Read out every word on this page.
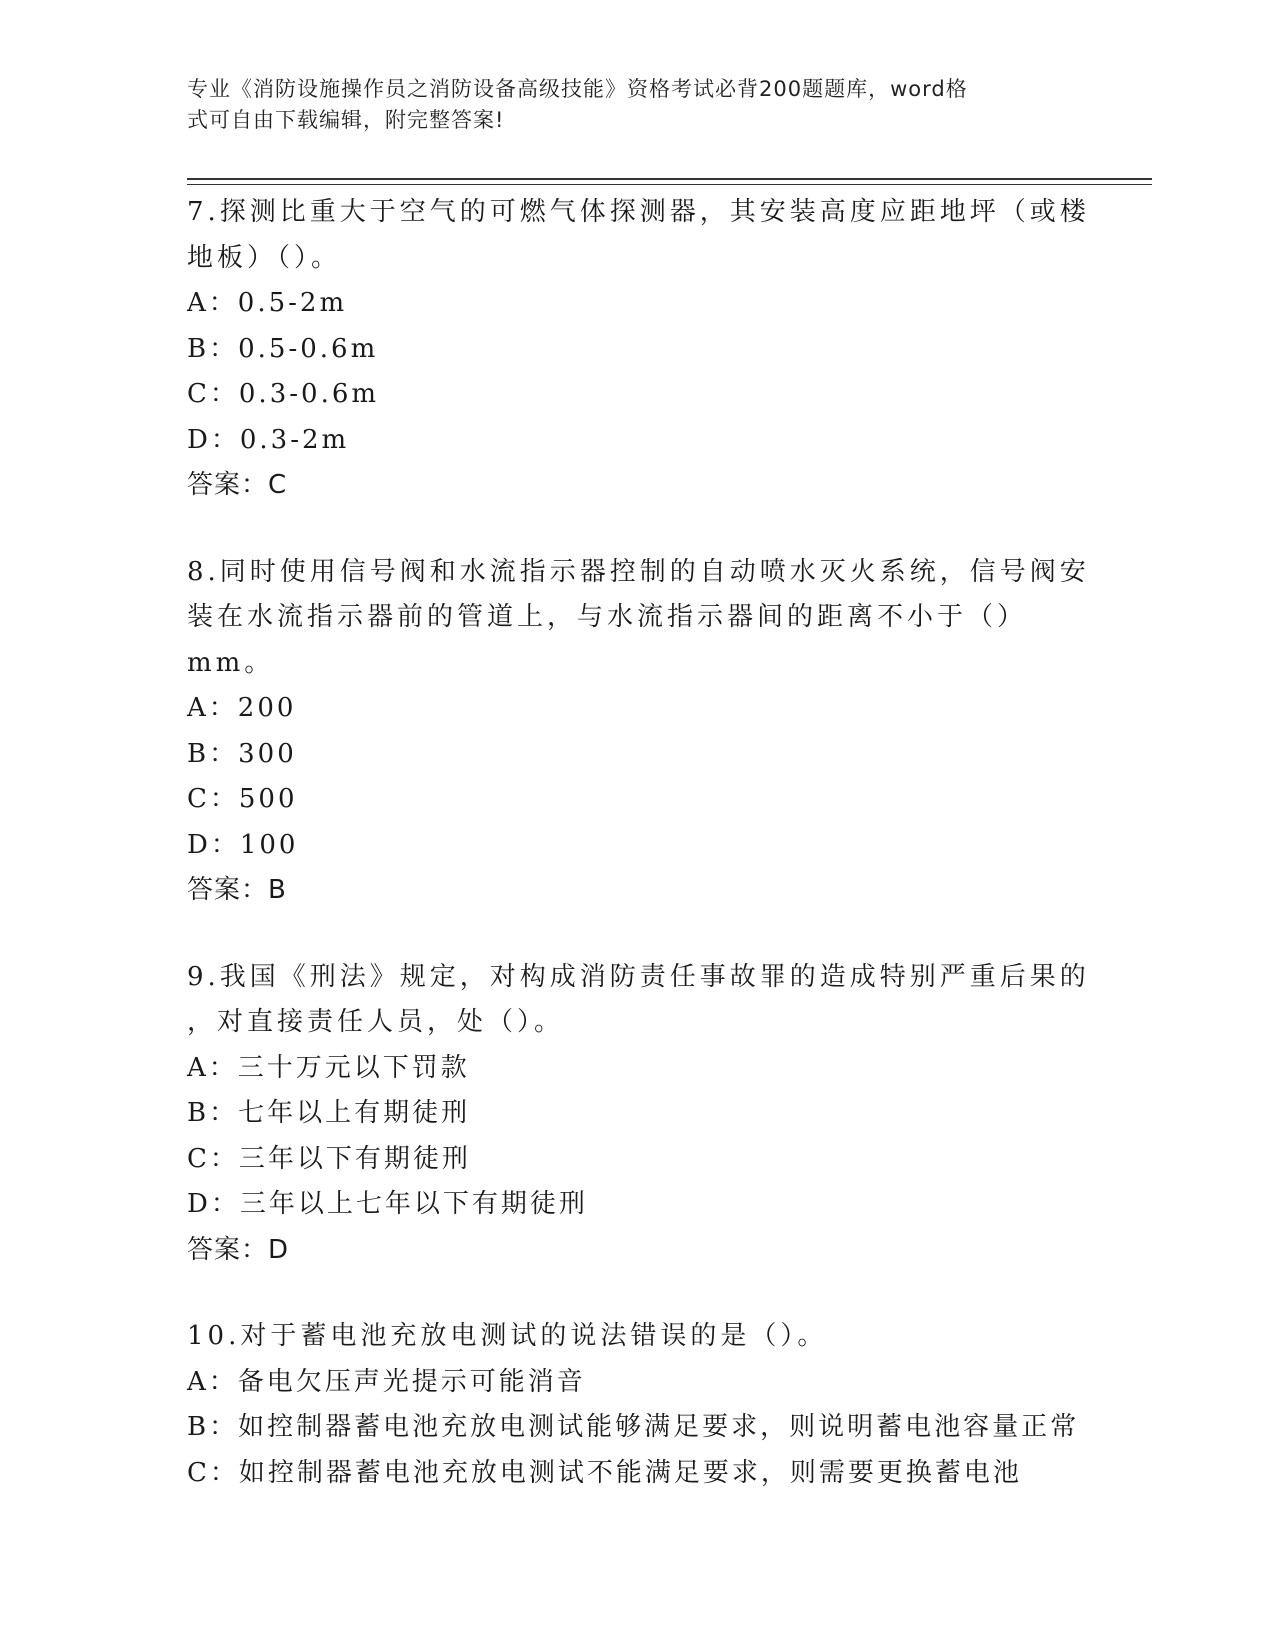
专业《消防设施操作员之消防设备高级技能》资格考试必背200题题库，word格
式可自由下载编辑，附完整答案!

7.探测比重大于空气的可燃气体探测器，其安装高度应距地坪（或楼

地板）（）。

A：0.5-2m

B：0.5-0.6m

C：0.3-0.6m

D：0.3-2m

答案：C

8.同时使用信号阀和水流指示器控制的自动喷水灭火系统，信号阀安

装在水流指示器前的管道上，与水流指示器间的距离不小于（）mm。

A：200

B：300

C：500

D：100

答案：B

9.我国《刑法》规定，对构成消防责任事故罪的造成特别严重后果的

，对直接责任人员，处（）。

A：三十万元以下罚款

B：七年以上有期徒刑

C：三年以下有期徒刑

D：三年以上七年以下有期徒刑

答案：D

10.对于蓄电池充放电测试的说法错误的是（）。

A：备电欠压声光提示可能消音

B：如控制器蓄电池充放电测试能够满足要求，则说明蓄电池容量正常

C：如控制器蓄电池充放电测试不能满足要求，则需要更换蓄电池
